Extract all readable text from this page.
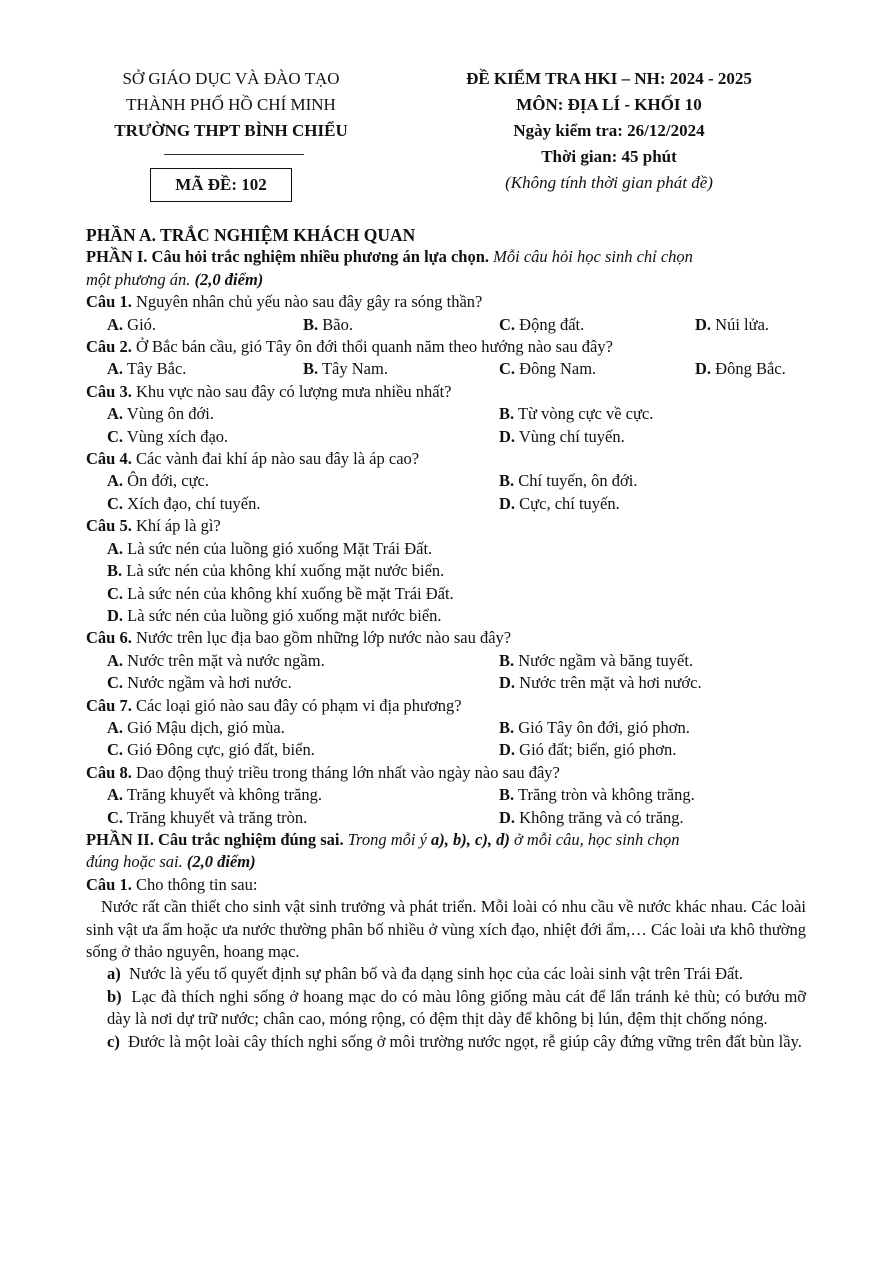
SỞ GIÁO DỤC VÀ ĐÀO TẠO
THÀNH PHỐ HỒ CHÍ MINH
TRƯỜNG THPT BÌNH CHIỂU
MÃ ĐỀ: 102
ĐỀ KIỂM TRA HKI – NH: 2024 - 2025
MÔN: ĐỊA LÍ - KHỐI 10
Ngày kiểm tra: 26/12/2024
Thời gian: 45 phút
(Không tính thời gian phát đề)
PHẦN A. TRẮC NGHIỆM KHÁCH QUAN
PHẦN I. Câu hỏi trắc nghiệm nhiều phương án lựa chọn. Mỗi câu hỏi học sinh chỉ chọn
một phương án. (2,0 điểm)
Câu 1. Nguyên nhân chủ yếu nào sau đây gây ra sóng thần?
A. Gió.	B. Bão.	C. Động đất.	D. Núi lửa.
Câu 2. Ở Bắc bán cầu, gió Tây ôn đới thổi quanh năm theo hướng nào sau đây?
A. Tây Bắc.	B. Tây Nam.	C. Đông Nam.	D. Đông Bắc.
Câu 3. Khu vực nào sau đây có lượng mưa nhiều nhất?
A. Vùng ôn đới.	B. Từ vòng cực về cực.
C. Vùng xích đạo.	D. Vùng chí tuyến.
Câu 4. Các vành đai khí áp nào sau đây là áp cao?
A. Ôn đới, cực.	B. Chí tuyến, ôn đới.
C. Xích đạo, chí tuyến.	D. Cực, chí tuyến.
Câu 5. Khí áp là gì?
A. Là sức nén của luồng gió xuống Mặt Trái Đất.
B. Là sức nén của không khí xuống mặt nước biển.
C. Là sức nén của không khí xuống bề mặt Trái Đất.
D. Là sức nén của luồng gió xuống mặt nước biển.
Câu 6. Nước trên lục địa bao gồm những lớp nước nào sau đây?
A. Nước trên mặt và nước ngầm.	B. Nước ngầm và băng tuyết.
C. Nước ngầm và hơi nước.	D. Nước trên mặt và hơi nước.
Câu 7. Các loại gió nào sau đây có phạm vi địa phương?
A. Gió Mậu dịch, gió mùa.	B. Gió Tây ôn đới, gió phơn.
C. Gió Đông cực, gió đất, biển.	D. Gió đất; biển, gió phơn.
Câu 8. Dao động thuỷ triều trong tháng lớn nhất vào ngày nào sau đây?
A. Trăng khuyết và không trăng.	B. Trăng tròn và không trăng.
C. Trăng khuyết và trăng tròn.	D. Không trăng và có trăng.
PHẦN II. Câu trắc nghiệm đúng sai. Trong mỗi ý a), b), c), d) ở mỗi câu, học sinh chọn
đúng hoặc sai. (2,0 điểm)
Câu 1. Cho thông tin sau:
Nước rất cần thiết cho sinh vật sinh trưởng và phát triển. Mỗi loài có nhu cầu về nước khác nhau. Các loài sinh vật ưa ẩm hoặc ưa nước thường phân bố nhiều ở vùng xích đạo, nhiệt đới ẩm,… Các loài ưa khô thường sống ở thảo nguyên, hoang mạc.
a) Nước là yếu tố quyết định sự phân bố và đa dạng sinh học của các loài sinh vật trên Trái Đất.
b) Lạc đà thích nghi sống ở hoang mạc do có màu lông giống màu cát để lẩn tránh kẻ thù; có bướu mỡ dày là nơi dự trữ nước; chân cao, móng rộng, có đệm thịt dày để không bị lún, đệm thịt chống nóng.
c) Đước là một loài cây thích nghi sống ở môi trường nước ngọt, rễ giúp cây đứng vững trên đất bùn lầy.
